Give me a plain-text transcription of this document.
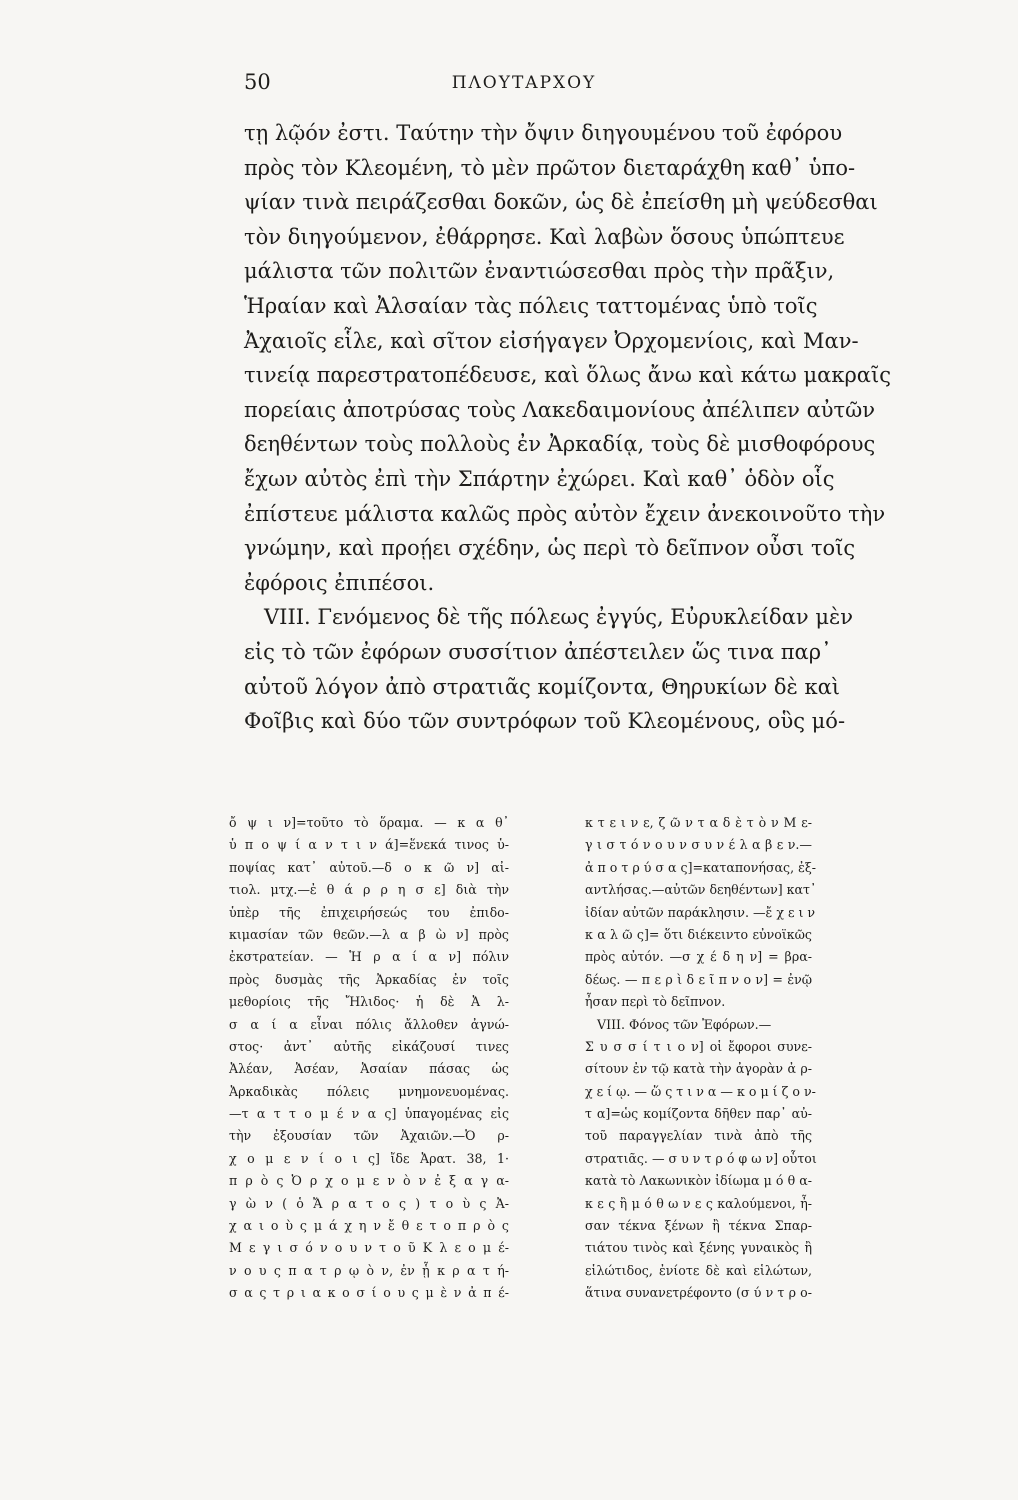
50	ΠΛΟΥΤΑΡΧΟΥ
τῃ λῷόν ἐστι. Ταύτην τὴν ὄψιν διηγουμένου τοῦ ἐφόρου
πρὸς τὸν Κλεομένη, τὸ μὲν πρῶτον διεταράχθη καθ᾽ ὑπο-
ψίαν τινὰ πειράζεσθαι δοκῶν, ὡς δὲ ἐπείσθη μὴ ψεύδεσθαι
τὸν διηγούμενον, ἐθάρρησε. Καὶ λαβὼν ὅσους ὑπώπτευε
μάλιστα τῶν πολιτῶν ἐναντιώσεσθαι πρὸς τὴν πρᾶξιν,
Ἡραίαν καὶ Ἀλσαίαν τὰς πόλεις ταττομένας ὑπὸ τοῖς
Ἀχαιοῖς εἷλε, καὶ σῖτον εἰσήγαγεν Ὀρχομενίοις, καὶ Μαν-
τινείᾳ παρεστρατοπέδευσε, καὶ ὅλως ἄνω καὶ κάτω μακραῖς
πορείαις ἀποτρύσας τοὺς Λακεδαιμονίους ἀπέλιπεν αὐτῶν
δεηθέντων τοὺς πολλοὺς ἐν Ἀρκαδίᾳ, τοὺς δὲ μισθοφόρους
ἔχων αὐτὸς ἐπὶ τὴν Σπάρτην ἐχώρει. Καὶ καθ᾽ ὁδὸν οἷς
ἐπίστευε μάλιστα καλῶς πρὸς αὐτὸν ἔχειν ἀνεκοινοῦτο τὴν
γνώμην, καὶ προῄει σχέδην, ὡς περὶ τὸ δεῖπνον οὖσι τοῖς
ἐφόροις ἐπιπέσοι.
VIII. Γενόμενος δὲ τῆς πόλεως ἐγγύς, Εὐρυκλείδαν μὲν
εἰς τὸ τῶν ἐφόρων συσσίτιον ἀπέστειλεν ὥς τινα παρ᾽
αὐτοῦ λόγον ἀπὸ στρατιᾶς κομίζοντα, Θηρυκίων δὲ καὶ
Φοῖβις καὶ δύο τῶν συντρόφων τοῦ Κλεομένους, οὓς μό-
ὄ ψ ι ν]=τοῦτο τὸ ὅραμα. — κ α θ᾽
ὑ π ο ψ ί α ν τ ι ν ά]=ἕνεκά τινος ὑ-
ποψίας κατ᾽ αὐτοῦ.—δ ο κ ῶ ν] αἰ-
τιολ. μτχ.—ἐ θ ά ρ ρ η σ ε] διὰ τὴν
ὑπὲρ τῆς ἐπιχειρήσεώς του ἐπιδο-
κιμασίαν τῶν θεῶν.—λ α β ὼ ν] πρὸς
ἐκστρατείαν. — Ἡ ρ α ί α ν] πόλιν
πρὸς δυσμὰς τῆς Ἀρκαδίας ἐν τοῖς
μεθορίοις τῆς Ἤλιδος· ἡ δὲ Ἀ λ-
σ α ί α εἶναι πόλις ἄλλοθεν ἀγνώ-
στος· ἀντ᾽ αὐτῆς εἰκάζουσί τινες
Ἀλέαν, Ἀσέαν, Ἀσαίαν πάσας ὡς
Ἀρκαδικὰς πόλεις μνημονευομένας.
—τ α τ τ ο μ έ ν α ς] ὑπαγομένας εἰς
τὴν ἐξουσίαν τῶν Ἀχαιῶν.—Ὀ ρ-
χ ο μ ε ν ί ο ι ς] ἴδε Ἀρατ. 38, 1·
π ρ ὸ ς Ὀ ρ χ ο μ ε ν ὸ ν ἐ ξ α γ α-
γ ὼ ν ( ὁ Ἄ ρ α τ ο ς ) τ ο ὺ ς Ἀ-
χ α ι ο ὺ ς μ ά χ η ν ἔ θ ε τ ο π ρ ὸ ς
Μ ε γ ι σ ό ν ο υ ν τ ο ῦ Κ λ ε ο μ έ-
ν ο υ ς π α τ ρ ῳ ὸ ν, ἐν ᾗ κ ρ α τ ή-
σ α ς τ ρ ι α κ ο σ ί ο υ ς μ ὲ ν ἀ π έ-
κ τ ε ι ν ε, ζ ῶ ν τ α δ ὲ τ ὸ ν Μ ε-
γ ι σ τ ό ν ο υ ν σ υ ν έ λ α β ε ν.—
ἀ π ο τ ρ ύ σ α ς]=καταπονήσας, ἐξ-
αντλήσας.—αὐτῶν δεηθέντων] κατ᾽
ἰδίαν αὐτῶν παράκλησιν. —ἔ χ ε ι ν
κ α λ ῶ ς]= ὅτι διέκειντο εὐνοϊκῶς
πρὸς αὐτόν. —σ χ έ δ η ν] = βρα-
δέως. — π ε ρ ὶ δ ε ῖ π ν ο ν] = ἐνῷ
ἦσαν περὶ τὸ δεῖπνον.
VIII. Φόνος τῶν Ἐφόρων.—
Σ υ σ σ ί τ ι ο ν] οἱ ἔφοροι συνε-
σίτουν ἐν τῷ κατὰ τὴν ἀγορὰν ἀ ρ-
χ ε ί ῳ. — ὥ ς τ ι ν α — κ ο μ ί ζ ο ν-
τ α]=ὡς κομίζοντα δῆθεν παρ᾽ αὐ-
τοῦ παραγγελίαν τινὰ ἀπὸ τῆς
στρατιᾶς. — σ υ ν τ ρ ό φ ω ν] οὗτοι
κατὰ τὸ Λακωνικὸν ἰδίωμα μ ό θ α-
κ ε ς ἢ μ ό θ ω ν ε ς καλούμενοι, ἦ-
σαν τέκνα ξένων ἢ τέκνα Σπαρ-
τιάτου τινὸς καὶ ξένης γυναικὸς ἢ
εἱλώτιδος, ἐνίοτε δὲ καὶ εἱλώτων,
ἅτινα συνανετρέφοντο (σ ύ ν τ ρ ο-
